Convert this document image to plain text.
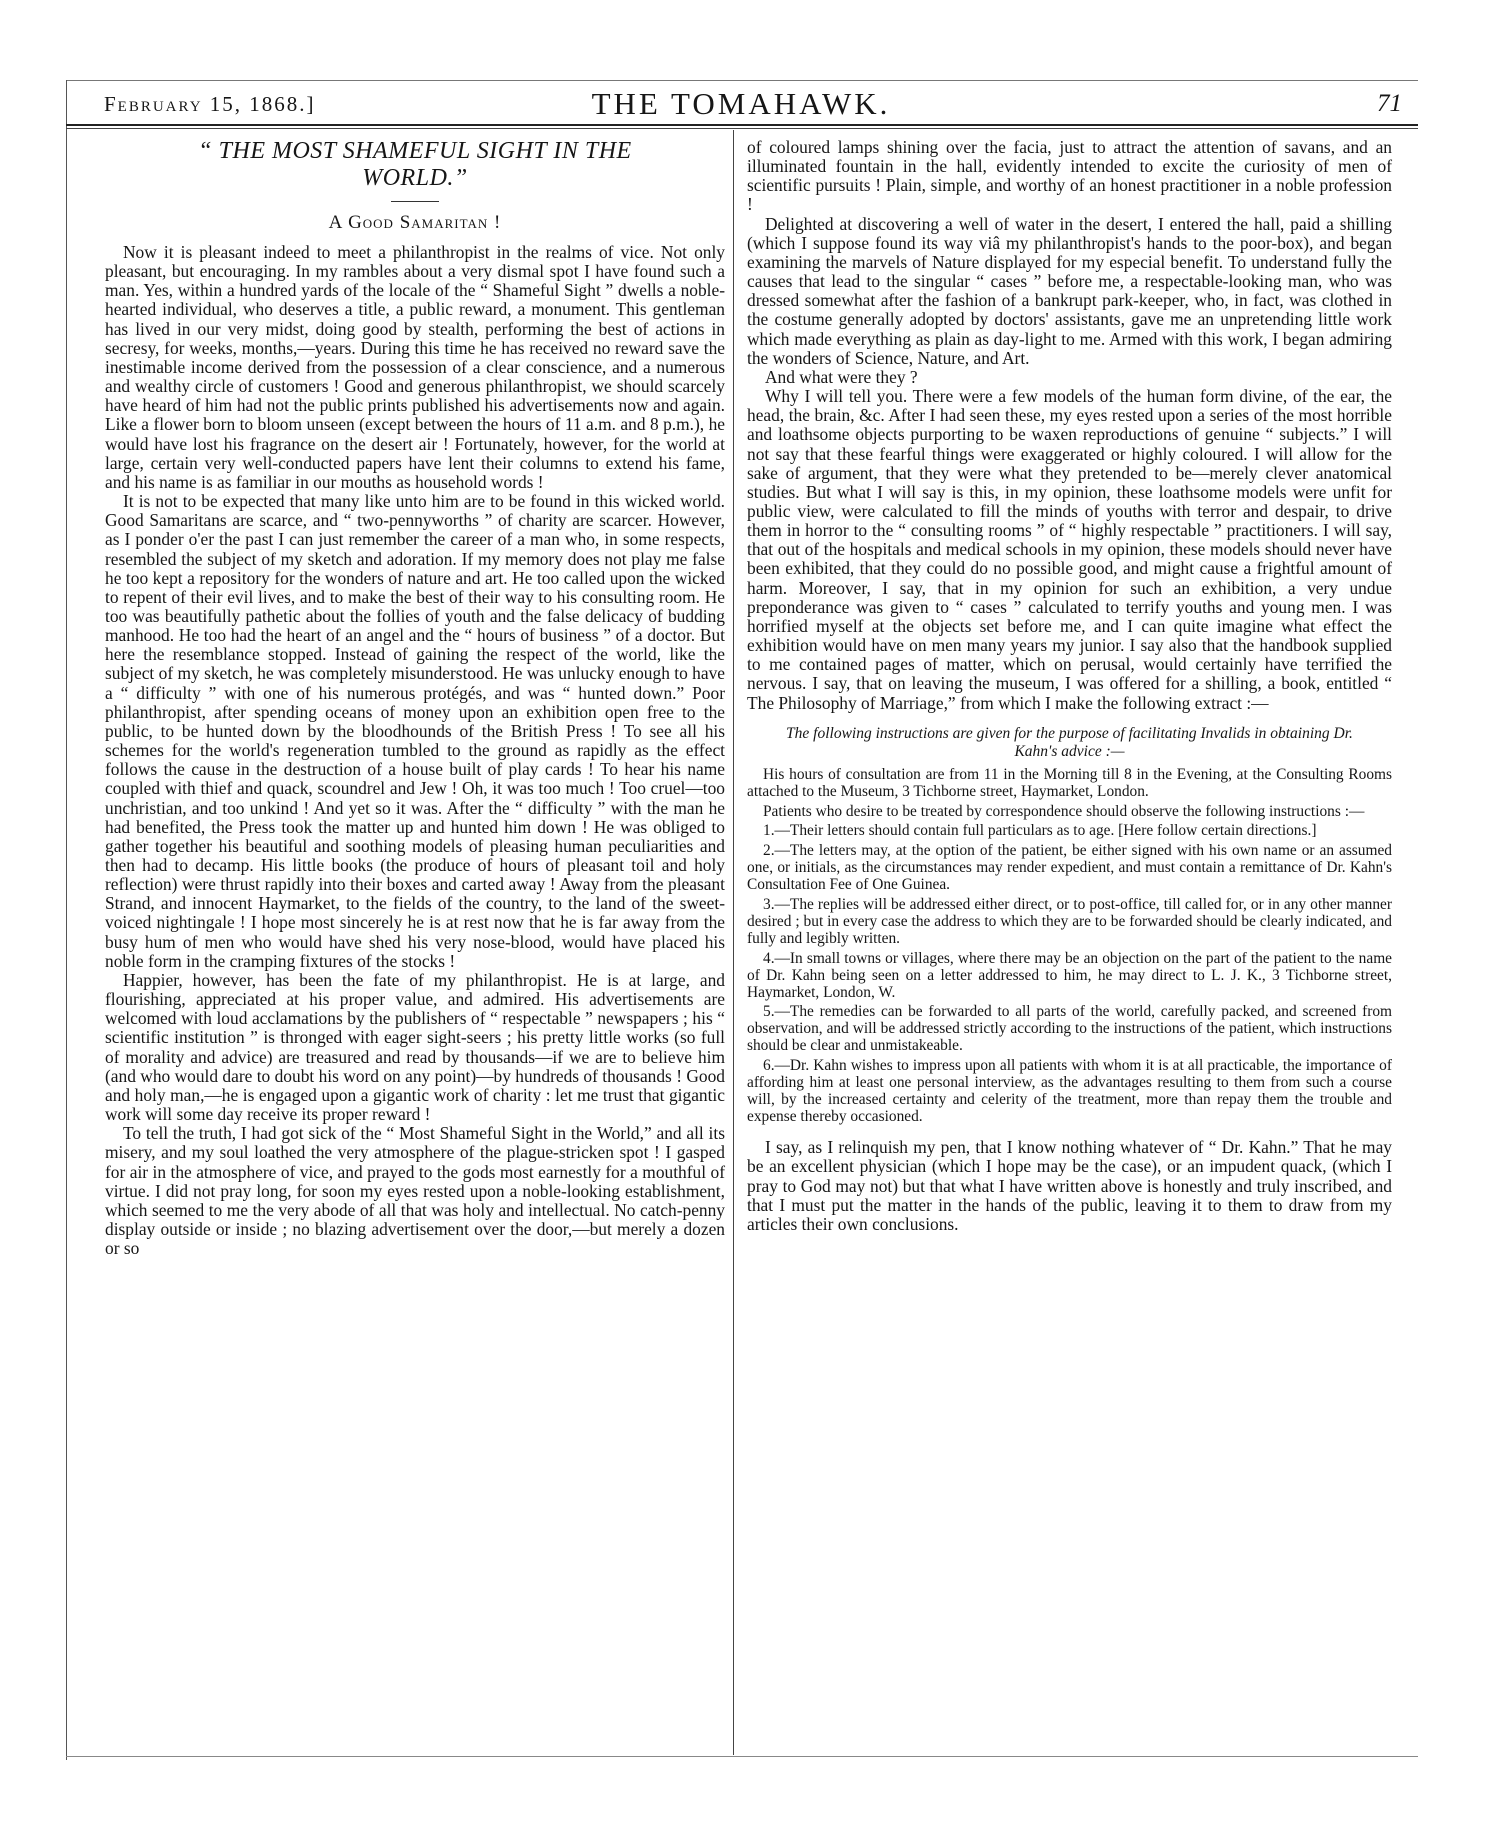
February 15, 1868.]	THE TOMAHAWK.	71
“ THE MOST SHAMEFUL SIGHT IN THE
WORLD.”
A Good Samaritan !

Now it is pleasant indeed to meet a philanthropist in the realms of vice. Not only pleasant, but encouraging. In my rambles about a very dismal spot I have found such a man. Yes, within a hundred yards of the locale of the “ Shameful Sight ” dwells a noble-hearted individual, who deserves a title, a public reward, a monument. This gentleman has lived in our very midst, doing good by stealth, performing the best of actions in secresy, for weeks, months,—years. During this time he has received no reward save the inestimable income derived from the possession of a clear conscience, and a numerous and wealthy circle of customers ! Good and generous philanthropist, we should scarcely have heard of him had not the public prints published his advertisements now and again. Like a flower born to bloom unseen (except between the hours of 11 a.m. and 8 p.m.), he would have lost his fragrance on the desert air ! Fortunately, however, for the world at large, certain very well-conducted papers have lent their columns to extend his fame, and his name is as familiar in our mouths as household words !

It is not to be expected that many like unto him are to be found in this wicked world. Good Samaritans are scarce, and “ two-pennyworths ” of charity are scarcer. However, as I ponder o'er the past I can just remember the career of a man who, in some respects, resembled the subject of my sketch and adoration. If my memory does not play me false he too kept a repository for the wonders of nature and art. He too called upon the wicked to repent of their evil lives, and to make the best of their way to his consulting room. He too was beautifully pathetic about the follies of youth and the false delicacy of budding manhood. He too had the heart of an angel and the “ hours of business ” of a doctor. But here the resemblance stopped. Instead of gaining the respect of the world, like the subject of my sketch, he was completely misunderstood. He was unlucky enough to have a “ difficulty ” with one of his numerous protégés, and was “ hunted down.” Poor philanthropist, after spending oceans of money upon an exhibition open free to the public, to be hunted down by the bloodhounds of the British Press ! To see all his schemes for the world's regeneration tumbled to the ground as rapidly as the effect follows the cause in the destruction of a house built of play cards ! To hear his name coupled with thief and quack, scoundrel and Jew ! Oh, it was too much ! Too cruel—too unchristian, and too unkind ! And yet so it was. After the “ difficulty ” with the man he had benefited, the Press took the matter up and hunted him down ! He was obliged to gather together his beautiful and soothing models of pleasing human peculiarities and then had to decamp. His little books (the produce of hours of pleasant toil and holy reflection) were thrust rapidly into their boxes and carted away ! Away from the pleasant Strand, and innocent Haymarket, to the fields of the country, to the land of the sweet-voiced nightingale ! I hope most sincerely he is at rest now that he is far away from the busy hum of men who would have shed his very nose-blood, would have placed his noble form in the cramping fixtures of the stocks !

Happier, however, has been the fate of my philanthropist. He is at large, and flourishing, appreciated at his proper value, and admired. His advertisements are welcomed with loud acclamations by the publishers of “ respectable ” newspapers ; his “ scientific institution ” is thronged with eager sight-seers ; his pretty little works (so full of morality and advice) are treasured and read by thousands—if we are to believe him (and who would dare to doubt his word on any point)—by hundreds of thousands ! Good and holy man,—he is engaged upon a gigantic work of charity : let me trust that gigantic work will some day receive its proper reward !

To tell the truth, I had got sick of the “ Most Shameful Sight in the World,” and all its misery, and my soul loathed the very atmosphere of the plague-stricken spot ! I gasped for air in the atmosphere of vice, and prayed to the gods most earnestly for a mouthful of virtue. I did not pray long, for soon my eyes rested upon a noble-looking establishment, which seemed to me the very abode of all that was holy and intellectual. No catch-penny display outside or inside ; no blazing advertisement over the door,—but merely a dozen or so

of coloured lamps shining over the facia, just to attract the attention of savans, and an illuminated fountain in the hall, evidently intended to excite the curiosity of men of scientific pursuits ! Plain, simple, and worthy of an honest practitioner in a noble profession !

Delighted at discovering a well of water in the desert, I entered the hall, paid a shilling (which I suppose found its way viâ my philanthropist's hands to the poor-box), and began examining the marvels of Nature displayed for my especial benefit. To understand fully the causes that lead to the singular “ cases ” before me, a respectable-looking man, who was dressed somewhat after the fashion of a bankrupt park-keeper, who, in fact, was clothed in the costume generally adopted by doctors' assistants, gave me an unpretending little work which made everything as plain as day-light to me. Armed with this work, I began admiring the wonders of Science, Nature, and Art.

And what were they ?

Why I will tell you. There were a few models of the human form divine, of the ear, the head, the brain, &c. After I had seen these, my eyes rested upon a series of the most horrible and loathsome objects purporting to be waxen reproductions of genuine “ subjects.” I will not say that these fearful things were exaggerated or highly coloured. I will allow for the sake of argument, that they were what they pretended to be—merely clever anatomical studies. But what I will say is this, in my opinion, these loathsome models were unfit for public view, were calculated to fill the minds of youths with terror and despair, to drive them in horror to the “ consulting rooms ” of “ highly respectable ” practitioners. I will say, that out of the hospitals and medical schools in my opinion, these models should never have been exhibited, that they could do no possible good, and might cause a frightful amount of harm. Moreover, I say, that in my opinion for such an exhibition, a very undue preponderance was given to “ cases ” calculated to terrify youths and young men. I was horrified myself at the objects set before me, and I can quite imagine what effect the exhibition would have on men many years my junior. I say also that the handbook supplied to me contained pages of matter, which on perusal, would certainly have terrified the nervous. I say, that on leaving the museum, I was offered for a shilling, a book, entitled “ The Philosophy of Marriage,” from which I make the following extract :—

The following instructions are given for the purpose of facilitating Invalids in obtaining Dr. Kahn's advice :—

His hours of consultation are from 11 in the Morning till 8 in the Evening, at the Consulting Rooms attached to the Museum, 3 Tichborne street, Haymarket, London.

Patients who desire to be treated by correspondence should observe the following instructions :—

1.—Their letters should contain full particulars as to age. [Here follow certain directions.]

2.—The letters may, at the option of the patient, be either signed with his own name or an assumed one, or initials, as the circumstances may render expedient, and must contain a remittance of Dr. Kahn's Consultation Fee of One Guinea.

3.—The replies will be addressed either direct, or to post-office, till called for, or in any other manner desired ; but in every case the address to which they are to be forwarded should be clearly indicated, and fully and legibly written.

4.—In small towns or villages, where there may be an objection on the part of the patient to the name of Dr. Kahn being seen on a letter addressed to him, he may direct to L. J. K., 3 Tichborne street, Haymarket, London, W.

5.—The remedies can be forwarded to all parts of the world, carefully packed, and screened from observation, and will be addressed strictly according to the instructions of the patient, which instructions should be clear and unmistakeable.

6.—Dr. Kahn wishes to impress upon all patients with whom it is at all practicable, the importance of affording him at least one personal interview, as the advantages resulting to them from such a course will, by the increased certainty and celerity of the treatment, more than repay them the trouble and expense thereby occasioned.

I say, as I relinquish my pen, that I know nothing whatever of “ Dr. Kahn.” That he may be an excellent physician (which I hope may be the case), or an impudent quack, (which I pray to God may not) but that what I have written above is honestly and truly inscribed, and that I must put the matter in the hands of the public, leaving it to them to draw from my articles their own conclusions.
